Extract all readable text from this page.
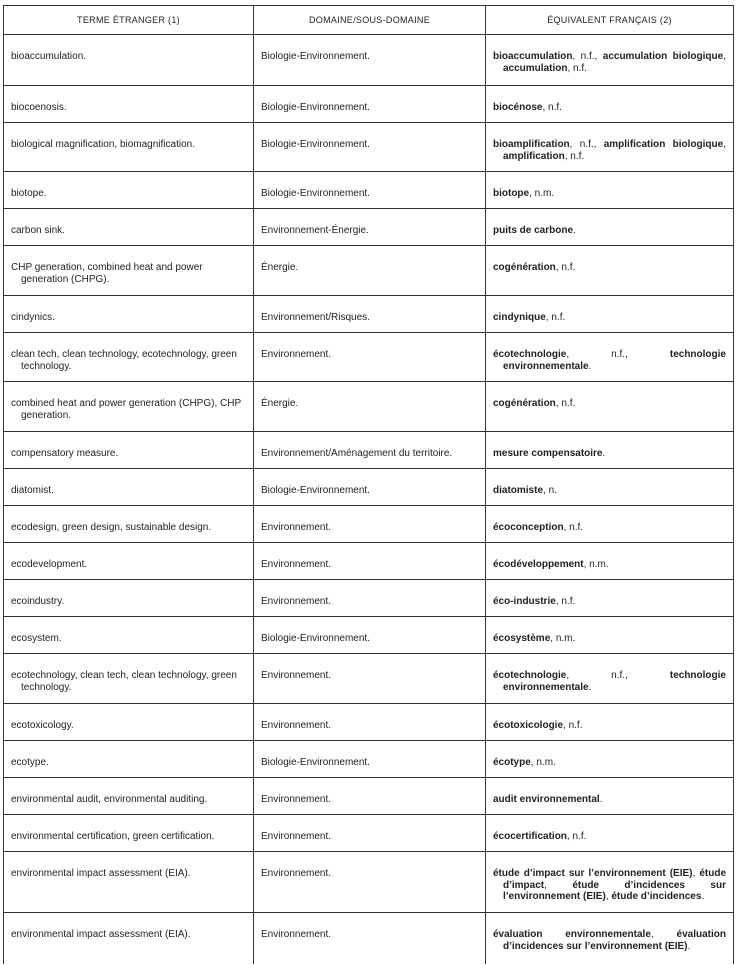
TERME ÉTRANGER (1)	DOMAINE/SOUS-DOMAINE	ÉQUIVALENT FRANÇAIS (2)

bioaccumulation.	Biologie-Environnement.	bioaccumulation, n.f., accumulation biologique, accumulation, n.f.

biocoenosis.	Biologie-Environnement.	biocénose, n.f.

biological magnification, biomagnification.	Biologie-Environnement.	bioamplification, n.f., amplification biologique, amplification, n.f.

biotope.	Biologie-Environnement.	biotope, n.m.

carbon sink.	Environnement-Énergie.	puits de carbone.

CHP generation, combined heat and power generation (CHPG).	Énergie.	cogénération, n.f.

cindynics.	Environnement/Risques.	cindynique, n.f.

clean tech, clean technology, ecotechnology, green technology.	Environnement.	écotechnologie, n.f., technologie environnementale.

combined heat and power generation (CHPG), CHP generation.	Énergie.	cogénération, n.f.

compensatory measure.	Environnement/Aménagement du territoire.	mesure compensatoire.

diatomist.	Biologie-Environnement.	diatomiste, n.

ecodesign, green design, sustainable design.	Environnement.	écoconception, n.f.

ecodevelopment.	Environnement.	écodéveloppement, n.m.

ecoindustry.	Environnement.	éco-industrie, n.f.

ecosystem.	Biologie-Environnement.	écosystème, n.m.

ecotechnology, clean tech, clean technology, green technology.	Environnement.	écotechnologie, n.f., technologie environnementale.

ecotoxicology.	Environnement.	écotoxicologie, n.f.

ecotype.	Biologie-Environnement.	écotype, n.m.

environmental audit, environmental auditing.	Environnement.	audit environnemental.

environmental certification, green certification.	Environnement.	écocertification, n.f.

environmental impact assessment (EIA).	Environnement.	étude d’impact sur l’environnement (EIE), étude d’impact, étude d’incidences sur l’environnement (EIE), étude d’incidences.

environmental impact assessment (EIA).	Environnement.	évaluation environnementale, évaluation d’incidences sur l’environnement (EIE).
